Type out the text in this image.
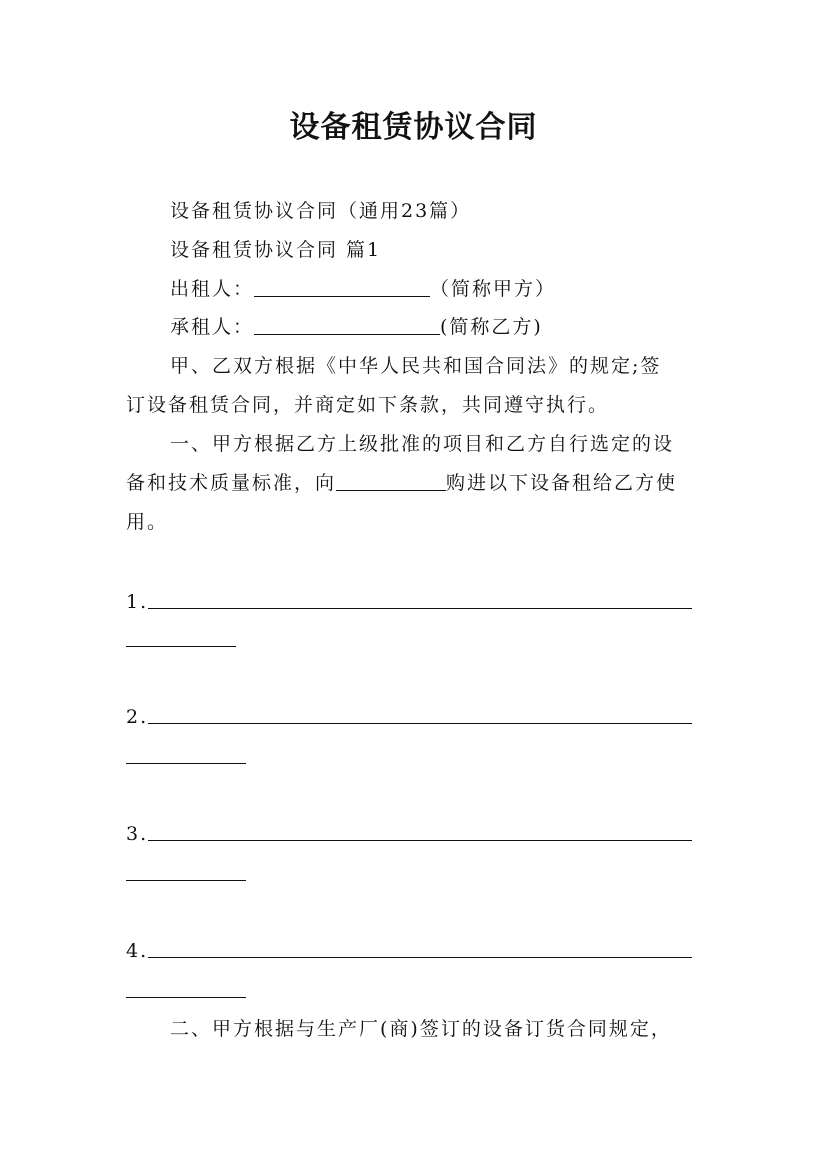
设备租赁协议合同
设备租赁协议合同（通用23篇）
设备租赁协议合同 篇1
出租人：	（简称甲方）
承租人：	(简称乙方)
甲、乙双方根据《中华人民共和国合同法》的规定;签
订设备租赁合同，并商定如下条款，共同遵守执行。
一、甲方根据乙方上级批准的项目和乙方自行选定的设
备和技术质量标准，向	购进以下设备租给乙方使
用。
1.
2.
3.
4.
二、甲方根据与生产厂(商)签订的设备订货合同规定，
